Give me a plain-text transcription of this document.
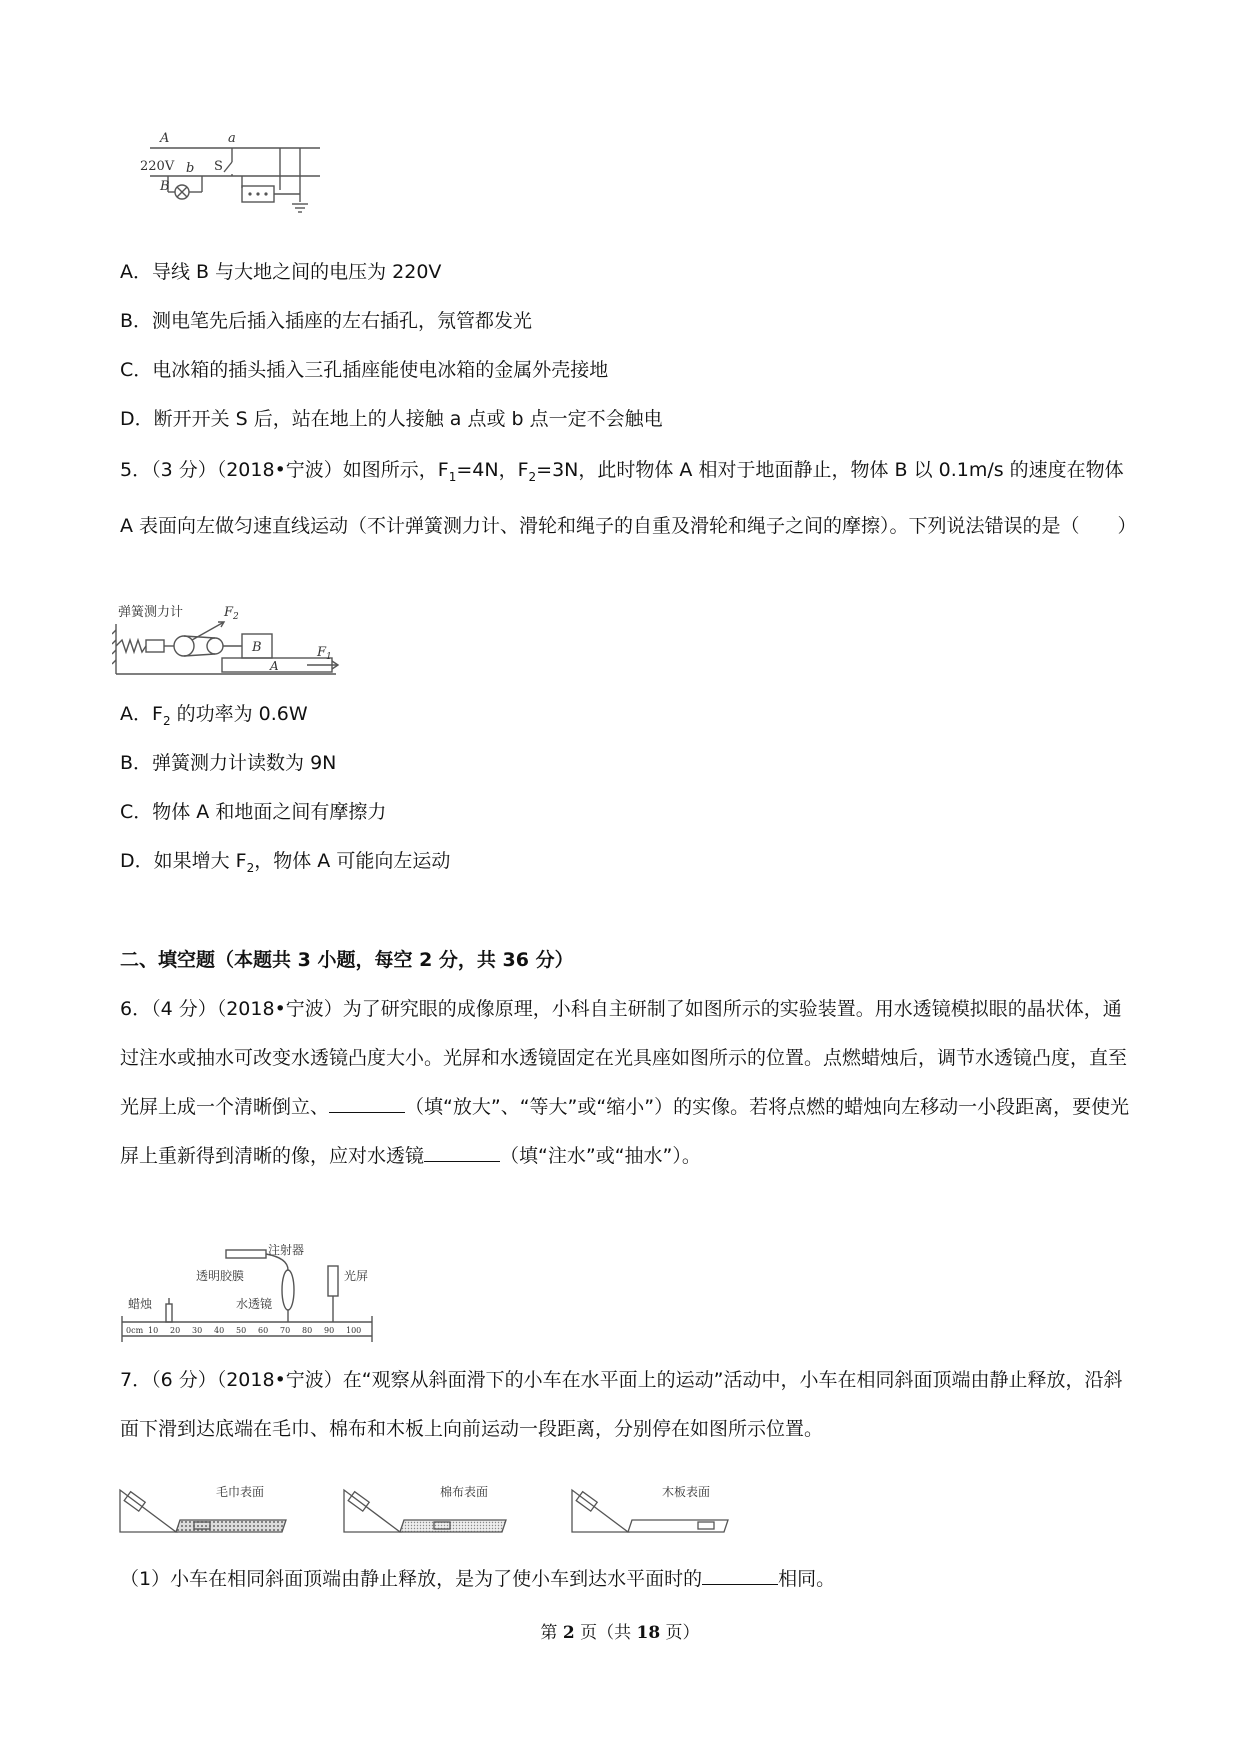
A	a
220V b S
B
A．导线 B 与大地之间的电压为 220V
B．测电笔先后插入插座的左右插孔，氖管都发光
C．电冰箱的插头插入三孔插座能使电冰箱的金属外壳接地
D．断开开关 S 后，站在地上的人接触 a 点或 b 点一定不会触电
5．（3 分）（2018•宁波）如图所示，$F_1=4N$，$F_2=3N$，此时物体 A 相对于地面静止，物体 B 以 0.1m/s 的速度在物体 A 表面向左做匀速直线运动（不计弹簧测力计、滑轮和绳子的自重及滑轮和绳子之间的摩擦）。下列说法错误的是（　　）
弹簧测力计	$F_2$
B	$F_1$
A
A．$F_2$ 的功率为 0.6W
B．弹簧测力计读数为 9N
C．物体 A 和地面之间有摩擦力
D．如果增大 $F_2$，物体 A 可能向左运动
二、填空题（本题共 3 小题，每空 2 分，共 36 分）
6．（4 分）（2018•宁波）为了研究眼的成像原理，小科自主研制了如图所示的实验装置。用水透镜模拟眼的晶状体，通过注水或抽水可改变水透镜凸度大小。光屏和水透镜固定在光具座如图所示的位置。点燃蜡烛后，调节水透镜凸度，直至光屏上成一个清晰倒立、	（填“放大”、“等大”或“缩小”）的实像。若将点燃的蜡烛向左移动一小段距离，要使光屏上重新得到清晰的像，应对水透镜	（填“注水”或“抽水”）。
注射器
透明胶膜
蜡烛	水透镜
光屏
0cm 10 20 30 40 50 60 70 80 90 100
7．（6 分）（2018•宁波）在“观察从斜面滑下的小车在水平面上的运动”活动中，小车在相同斜面顶端由静止释放，沿斜面下滑到达底端在毛巾、棉布和木板上向前运动一段距离，分别停在如图所示位置。
毛巾表面	棉布表面	木板表面
（1）小车在相同斜面顶端由静止释放，是为了使小车到达水平面时的	相同。
第 2 页（共 18 页）
